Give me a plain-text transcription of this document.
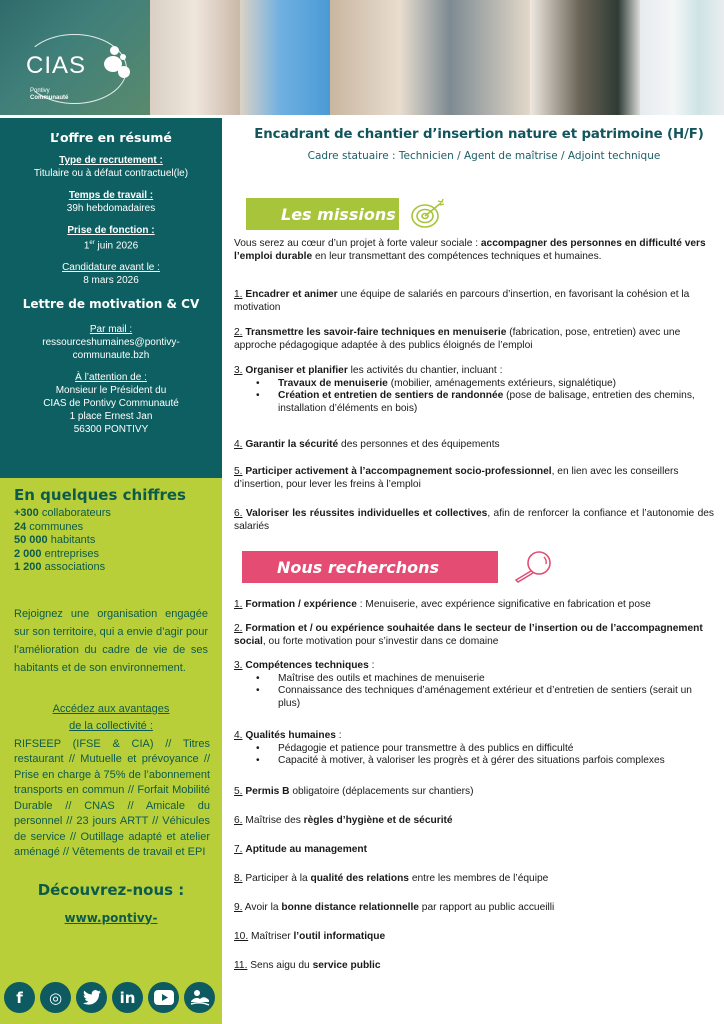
CIAS
Pontivy
Communauté
L’offre en résumé
Type de recrutement :
Titulaire ou à défaut contractuel(le)
Temps de travail :
39h hebdomadaires
Prise de fonction :
1er juin 2026
Candidature avant le :
8 mars 2026
Lettre de motivation & CV
Par mail :
ressourceshumaines@pontivy-
communaute.bzh
À l’attention de :
Monsieur le Président du
CIAS de Pontivy Communauté
1 place Ernest Jan
56300 PONTIVY
En quelques chiffres
+300 collaborateurs
24 communes
50 000 habitants
2 000 entreprises
1 200 associations
Rejoignez une organisation engagée sur son territoire, qui a envie d’agir pour l’amélioration du cadre de vie de ses habitants et de son environnement.
Accédez aux avantages
de la collectivité :
RIFSEEP (IFSE & CIA) // Titres restaurant // Mutuelle et prévoyance // Prise en charge à 75% de l’abonnement transports en commun // Forfait Mobilité Durable // CNAS // Amicale du personnel // 23 jours ARTT // Véhicules de service // Outillage adapté et atelier aménagé // Vêtements de travail et EPI
Découvrez-nous :
www.pontivy-
f	◎	in
Encadrant de chantier d’insertion nature et patrimoine (H/F)
Cadre statuaire : Technicien / Agent de maîtrise / Adjoint technique
Les missions
Vous serez au cœur d’un projet à forte valeur sociale : accompagner des personnes en difficulté vers l’emploi durable en leur transmettant des compétences techniques et humaines.
1. Encadrer et animer une équipe de salariés en parcours d’insertion, en favorisant la cohésion et la motivation
2. Transmettre les savoir-faire techniques en menuiserie (fabrication, pose, entretien) avec une approche pédagogique adaptée à des publics éloignés de l’emploi
3. Organiser et planifier les activités du chantier, incluant :
• Travaux de menuiserie (mobilier, aménagements extérieurs, signalétique)
• Création et entretien de sentiers de randonnée (pose de balisage, entretien des chemins, installation d’éléments en bois)
4. Garantir la sécurité des personnes et des équipements
5. Participer activement à l’accompagnement socio-professionnel, en lien avec les conseillers d’insertion, pour lever les freins à l’emploi
6. Valoriser les réussites individuelles et collectives, afin de renforcer la confiance et l’autonomie des salariés
Nous recherchons
1. Formation / expérience : Menuiserie, avec expérience significative en fabrication et pose
2. Formation et / ou expérience souhaitée dans le secteur de l’insertion ou de l’accompagnement social, ou forte motivation pour s’investir dans ce domaine
3. Compétences techniques :
• Maîtrise des outils et machines de menuiserie
• Connaissance des techniques d’aménagement extérieur et d’entretien de sentiers (serait un plus)
4. Qualités humaines :
• Pédagogie et patience pour transmettre à des publics en difficulté
• Capacité à motiver, à valoriser les progrès et à gérer des situations parfois complexes
5. Permis B obligatoire (déplacements sur chantiers)
6. Maîtrise des règles d’hygiène et de sécurité
7. Aptitude au management
8. Participer à la qualité des relations entre les membres de l’équipe
9. Avoir la bonne distance relationnelle par rapport au public accueilli
10. Maîtriser l’outil informatique
11. Sens aigu du service public
